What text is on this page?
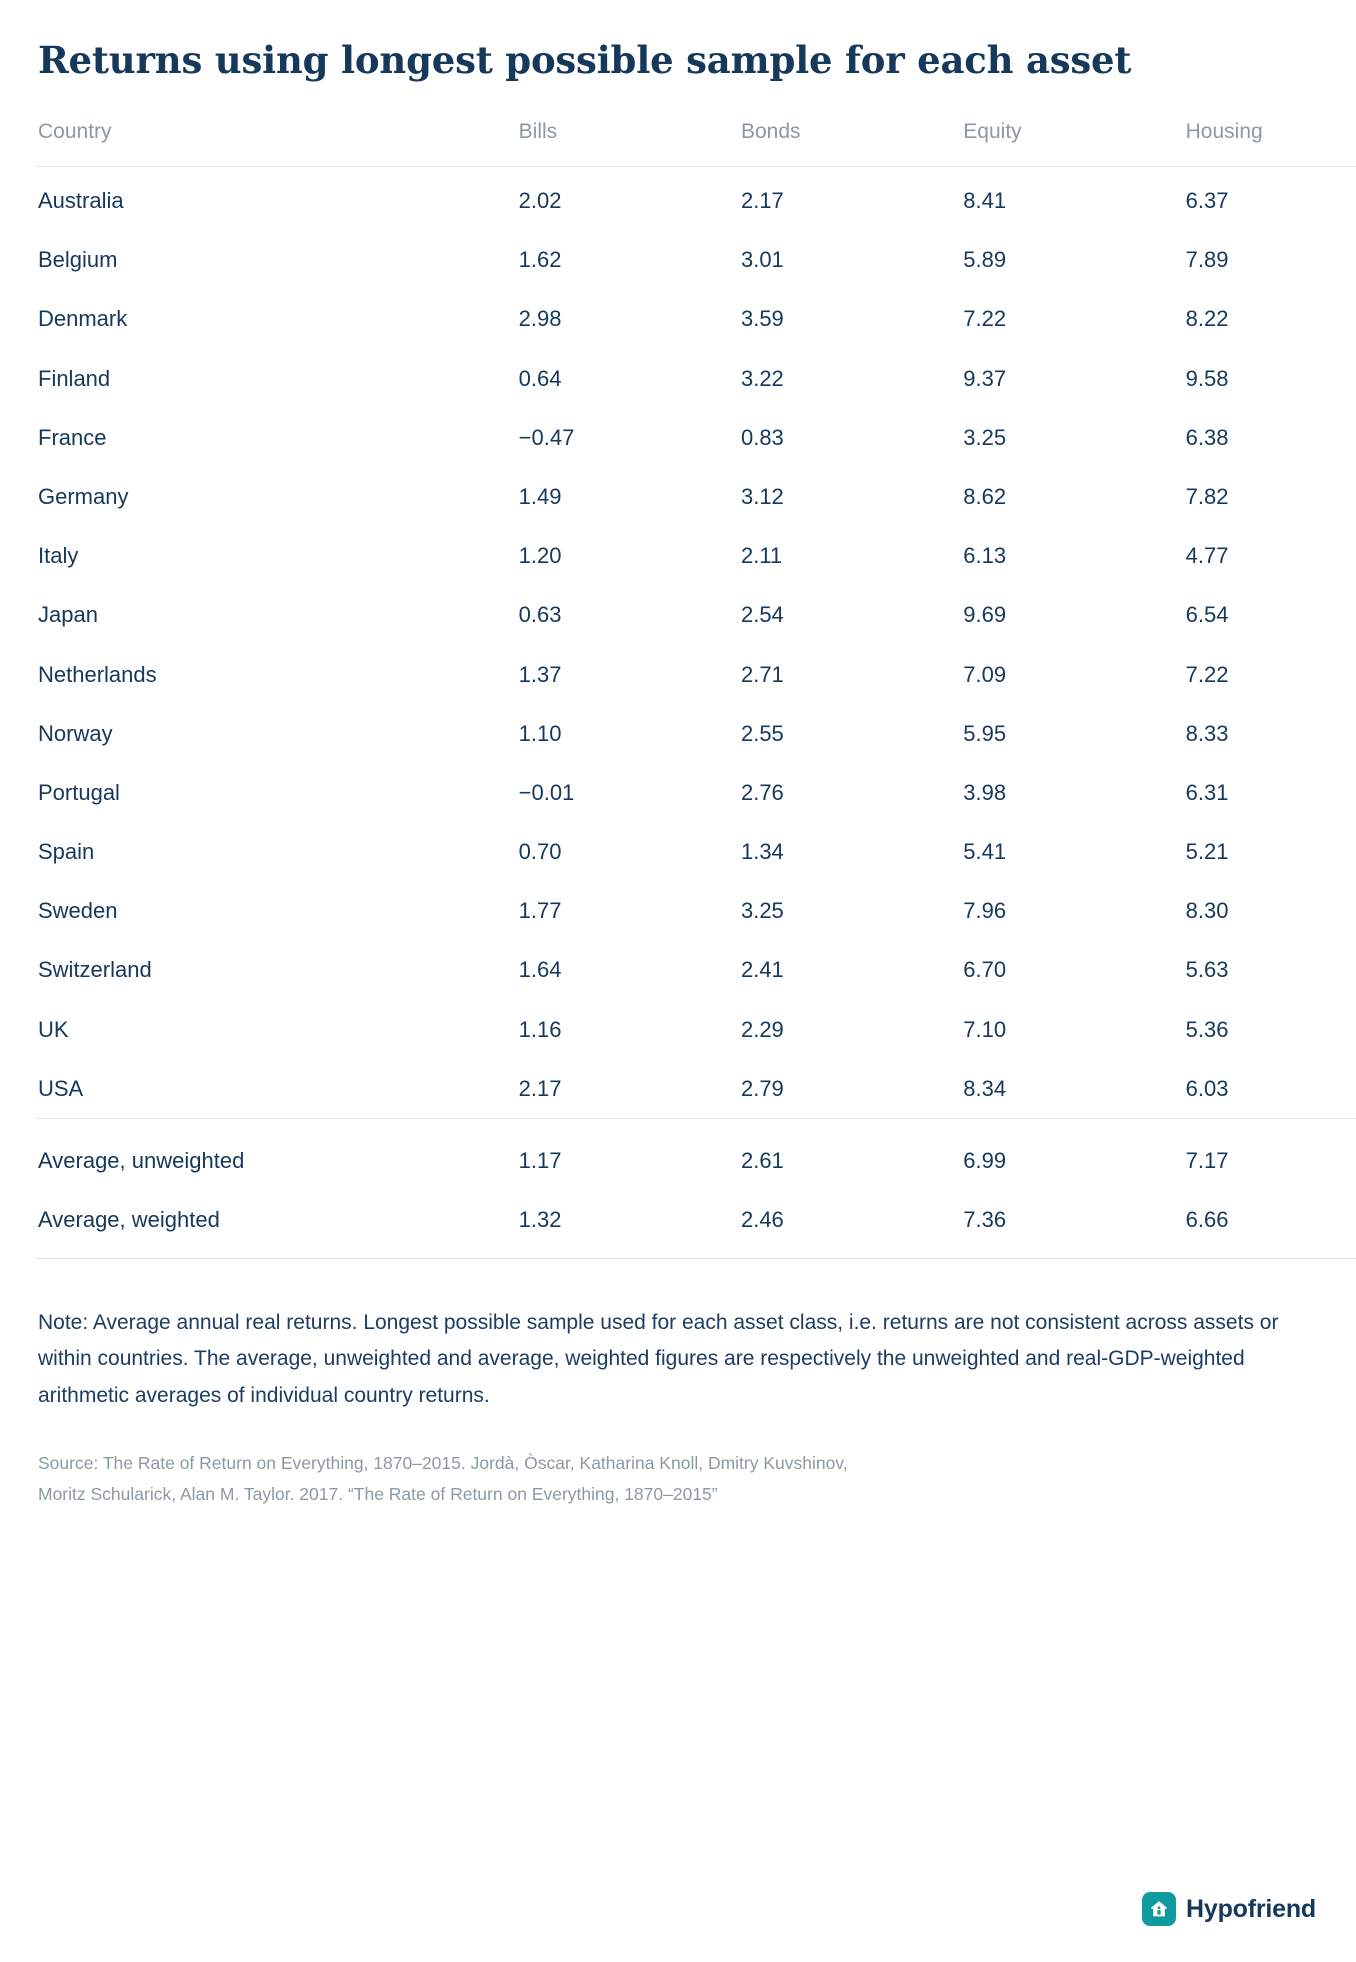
Returns using longest possible sample for each asset
Country	Bills	Bonds	Equity	Housing
Australia	2.02	2.17	8.41	6.37
Belgium	1.62	3.01	5.89	7.89
Denmark	2.98	3.59	7.22	8.22
Finland	0.64	3.22	9.37	9.58
France	−0.47	0.83	3.25	6.38
Germany	1.49	3.12	8.62	7.82
Italy	1.20	2.11	6.13	4.77
Japan	0.63	2.54	9.69	6.54
Netherlands	1.37	2.71	7.09	7.22
Norway	1.10	2.55	5.95	8.33
Portugal	−0.01	2.76	3.98	6.31
Spain	0.70	1.34	5.41	5.21
Sweden	1.77	3.25	7.96	8.30
Switzerland	1.64	2.41	6.70	5.63
UK	1.16	2.29	7.10	5.36
USA	2.17	2.79	8.34	6.03
Average, unweighted	1.17	2.61	6.99	7.17
Average, weighted	1.32	2.46	7.36	6.66
Note: Average annual real returns. Longest possible sample used for each asset class, i.e. returns are not consistent across assets or within countries. The average, unweighted and average, weighted figures are respectively the unweighted and real-GDP-weighted arithmetic averages of individual country returns.
Source: The Rate of Return on Everything, 1870–2015. Jordà, Òscar, Katharina Knoll, Dmitry Kuvshinov,
Moritz Schularick, Alan M. Taylor. 2017. “The Rate of Return on Everything, 1870–2015”
Hypofriend
